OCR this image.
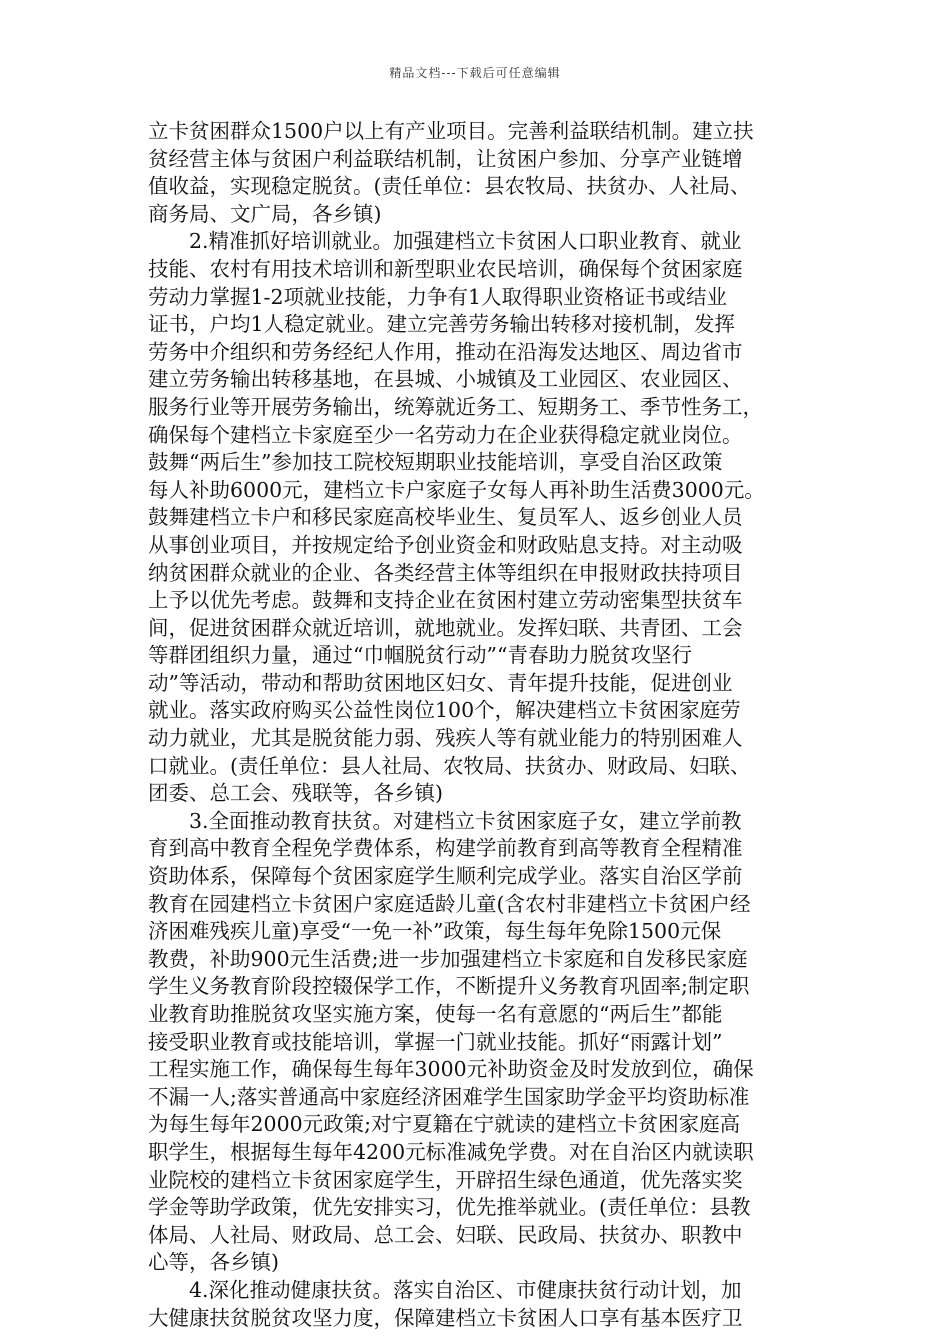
精品文档---下载后可任意编辑
立卡贫困群众1500户以上有产业项目。完善利益联结机制。建立扶
贫经营主体与贫困户利益联结机制，让贫困户参加、分享产业链增
值收益，实现稳定脱贫。(责任单位：县农牧局、扶贫办、人社局、
商务局、文广局，各乡镇)
2.精准抓好培训就业。加强建档立卡贫困人口职业教育、就业
技能、农村有用技术培训和新型职业农民培训，确保每个贫困家庭
劳动力掌握1-2项就业技能，力争有1人取得职业资格证书或结业
证书，户均1人稳定就业。建立完善劳务输出转移对接机制，发挥
劳务中介组织和劳务经纪人作用，推动在沿海发达地区、周边省市
建立劳务输出转移基地，在县城、小城镇及工业园区、农业园区、
服务行业等开展劳务输出，统筹就近务工、短期务工、季节性务工，
确保每个建档立卡家庭至少一名劳动力在企业获得稳定就业岗位。
鼓舞“两后生”参加技工院校短期职业技能培训，享受自治区政策
每人补助6000元，建档立卡户家庭子女每人再补助生活费3000元。
鼓舞建档立卡户和移民家庭高校毕业生、复员军人、返乡创业人员
从事创业项目，并按规定给予创业资金和财政贴息支持。对主动吸
纳贫困群众就业的企业、各类经营主体等组织在申报财政扶持项目
上予以优先考虑。鼓舞和支持企业在贫困村建立劳动密集型扶贫车
间，促进贫困群众就近培训，就地就业。发挥妇联、共青团、工会
等群团组织力量，通过“巾帼脱贫行动”“青春助力脱贫攻坚行
动”等活动，带动和帮助贫困地区妇女、青年提升技能，促进创业
就业。落实政府购买公益性岗位100个，解决建档立卡贫困家庭劳
动力就业，尤其是脱贫能力弱、残疾人等有就业能力的特别困难人
口就业。(责任单位：县人社局、农牧局、扶贫办、财政局、妇联、
团委、总工会、残联等，各乡镇)
3.全面推动教育扶贫。对建档立卡贫困家庭子女，建立学前教
育到高中教育全程免学费体系，构建学前教育到高等教育全程精准
资助体系，保障每个贫困家庭学生顺利完成学业。落实自治区学前
教育在园建档立卡贫困户家庭适龄儿童(含农村非建档立卡贫困户经
济困难残疾儿童)享受“一免一补”政策，每生每年免除1500元保
教费，补助900元生活费;进一步加强建档立卡家庭和自发移民家庭
学生义务教育阶段控辍保学工作，不断提升义务教育巩固率;制定职
业教育助推脱贫攻坚实施方案，使每一名有意愿的“两后生”都能
接受职业教育或技能培训，掌握一门就业技能。抓好“雨露计划”
工程实施工作，确保每生每年3000元补助资金及时发放到位，确保
不漏一人;落实普通高中家庭经济困难学生国家助学金平均资助标准
为每生每年2000元政策;对宁夏籍在宁就读的建档立卡贫困家庭高
职学生，根据每生每年4200元标准减免学费。对在自治区内就读职
业院校的建档立卡贫困家庭学生，开辟招生绿色通道，优先落实奖
学金等助学政策，优先安排实习，优先推举就业。(责任单位：县教
体局、人社局、财政局、总工会、妇联、民政局、扶贫办、职教中
心等，各乡镇)
4.深化推动健康扶贫。落实自治区、市健康扶贫行动计划，加
大健康扶贫脱贫攻坚力度，保障建档立卡贫困人口享有基本医疗卫
